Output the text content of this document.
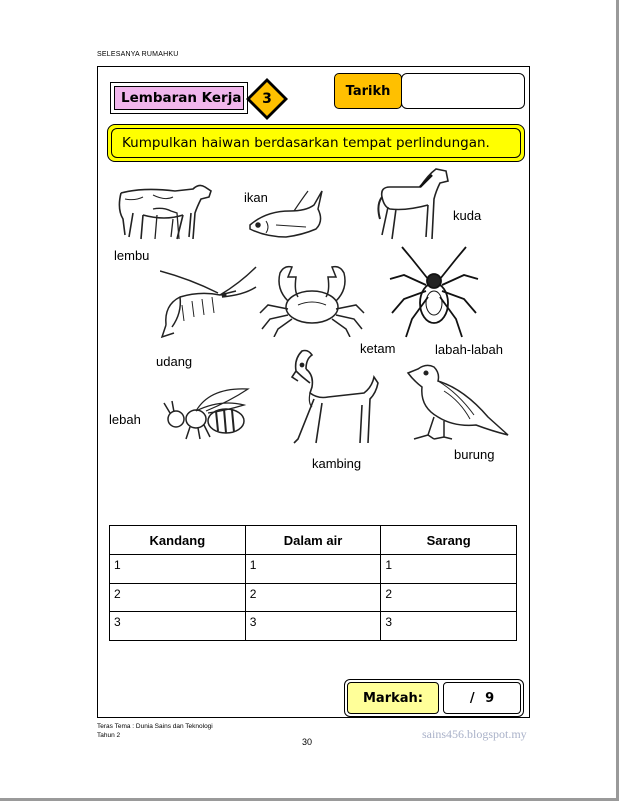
SELESANYA RUMAHKU
Lembaran Kerja	3	Tarikh
Kumpulkan haiwan berdasarkan tempat perlindungan.
lembu
ikan
kuda
udang
ketam	labah-labah
lebah
kambing
burung
Kandang	Dalam air	Sarang
1	1	1
2	2	2
3	3	3
Markah:	/ 9
Teras Tema : Dunia Sains dan Teknologi
Tahun 2
30
sains456.blogspot.my
